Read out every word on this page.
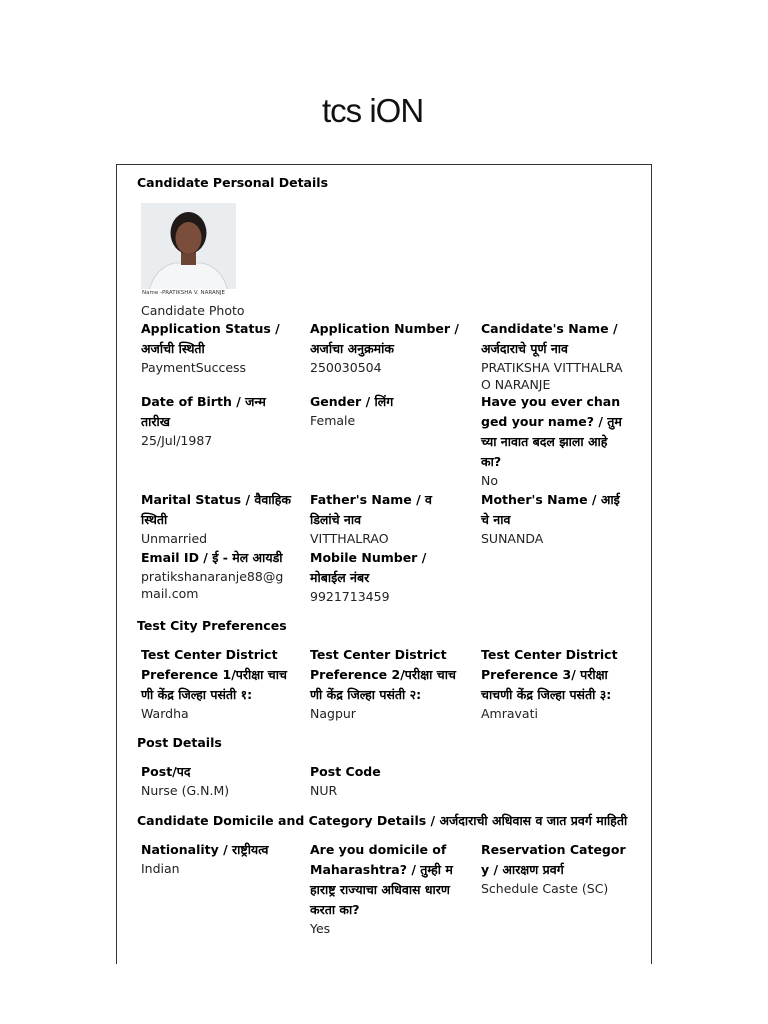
tcs iON
Candidate Personal Details
Name -PRATIKSHA V. NARANJE
Candidate Photo
Application Status / अर्जाची स्थिती
PaymentSuccess
Application Number / अर्जाचा अनुक्रमांक
250030504
Candidate's Name / अर्जदाराचे पूर्ण नाव
PRATIKSHA VITTHALRAO NARANJE
Date of Birth / जन्म तारीख
25/Jul/1987
Gender / लिंग
Female
Have you ever changed your name? / तुमच्या नावात बदल झाला आहे का?
No
Marital Status / वैवाहिक स्थिती
Unmarried
Father's Name / वडिलांचे नाव
VITTHALRAO
Mother's Name / आईचे नाव
SUNANDA
Email ID / ई - मेल आयडी
pratikshanaranje88@gmail.com
Mobile Number / मोबाईल नंबर
9921713459
Test City Preferences
Test Center District Preference 1/परीक्षा चाचणी केंद्र जिल्हा पसंती १:
Wardha
Test Center District Preference 2/परीक्षा चाचणी केंद्र जिल्हा पसंती २:
Nagpur
Test Center District Preference 3/ परीक्षा चाचणी केंद्र जिल्हा पसंती ३:
Amravati
Post Details
Post/पद
Nurse (G.N.M)
Post Code
NUR
Candidate Domicile and Category Details / अर्जदाराची अधिवास व जात प्रवर्ग माहिती
Nationality / राष्ट्रीयत्व
Indian
Are you domicile of Maharashtra? / तुम्ही महाराष्ट्र राज्याचा अधिवास धारण करता का?
Yes
Reservation Category / आरक्षण प्रवर्ग
Schedule Caste (SC)
